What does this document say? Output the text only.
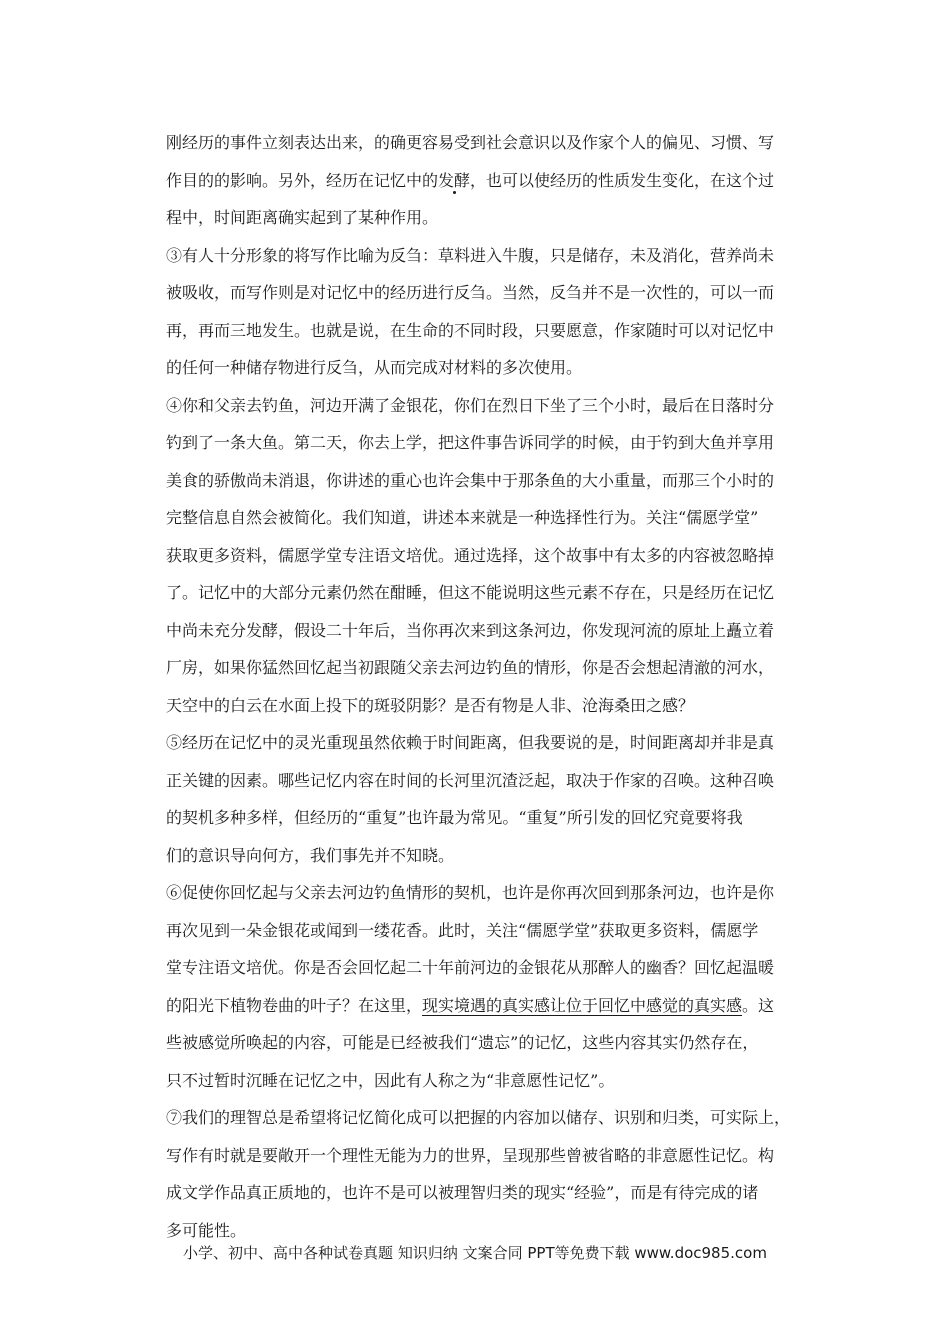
刚经历的事件立刻表达出来，的确更容易受到社会意识以及作家个人的偏见、习惯、写
作目的的影响。另外，经历在记忆中的发酵，也可以使经历的性质发生变化，在这个过
程中，时间距离确实起到了某种作用。
③有人十分形象的将写作比喻为反刍：草料进入牛腹，只是储存，未及消化，营养尚未
被吸收，而写作则是对记忆中的经历进行反刍。当然，反刍并不是一次性的，可以一而
再，再而三地发生。也就是说，在生命的不同时段，只要愿意，作家随时可以对记忆中
的任何一种储存物进行反刍，从而完成对材料的多次使用。
④你和父亲去钓鱼，河边开满了金银花，你们在烈日下坐了三个小时，最后在日落时分
钓到了一条大鱼。第二天，你去上学，把这件事告诉同学的时候，由于钓到大鱼并享用
美食的骄傲尚未消退，你讲述的重心也许会集中于那条鱼的大小重量，而那三个小时的
完整信息自然会被简化。我们知道，讲述本来就是一种选择性行为。关注“儒愿学堂”
获取更多资料，儒愿学堂专注语文培优。通过选择，这个故事中有太多的内容被忽略掉
了。记忆中的大部分元素仍然在酣睡，但这不能说明这些元素不存在，只是经历在记忆
中尚未充分发酵，假设二十年后，当你再次来到这条河边，你发现河流的原址上矗立着
厂房，如果你猛然回忆起当初跟随父亲去河边钓鱼的情形，你是否会想起清澈的河水，
天空中的白云在水面上投下的斑驳阴影？是否有物是人非、沧海桑田之感？
⑤经历在记忆中的灵光重现虽然依赖于时间距离，但我要说的是，时间距离却并非是真
正关键的因素。哪些记忆内容在时间的长河里沉渣泛起，取决于作家的召唤。这种召唤
的契机多种多样，但经历的“重复”也许最为常见。“重复”所引发的回忆究竟要将我
们的意识导向何方，我们事先并不知晓。
⑥促使你回忆起与父亲去河边钓鱼情形的契机，也许是你再次回到那条河边，也许是你
再次见到一朵金银花或闻到一缕花香。此时，关注“儒愿学堂”获取更多资料，儒愿学
堂专注语文培优。你是否会回忆起二十年前河边的金银花从那醉人的幽香？回忆起温暖
的阳光下植物卷曲的叶子？在这里，现实境遇的真实感让位于回忆中感觉的真实感。这
些被感觉所唤起的内容，可能是已经被我们“遗忘”的记忆，这些内容其实仍然存在，
只不过暂时沉睡在记忆之中，因此有人称之为“非意愿性记忆”。
⑦我们的理智总是希望将记忆简化成可以把握的内容加以储存、识别和归类，可实际上，
写作有时就是要敞开一个理性无能为力的世界，呈现那些曾被省略的非意愿性记忆。构
成文学作品真正质地的，也许不是可以被理智归类的现实“经验”，而是有待完成的诸
多可能性。
小学、初中、高中各种试卷真题 知识归纳 文案合同 PPT等免费下载 www.doc985.com
